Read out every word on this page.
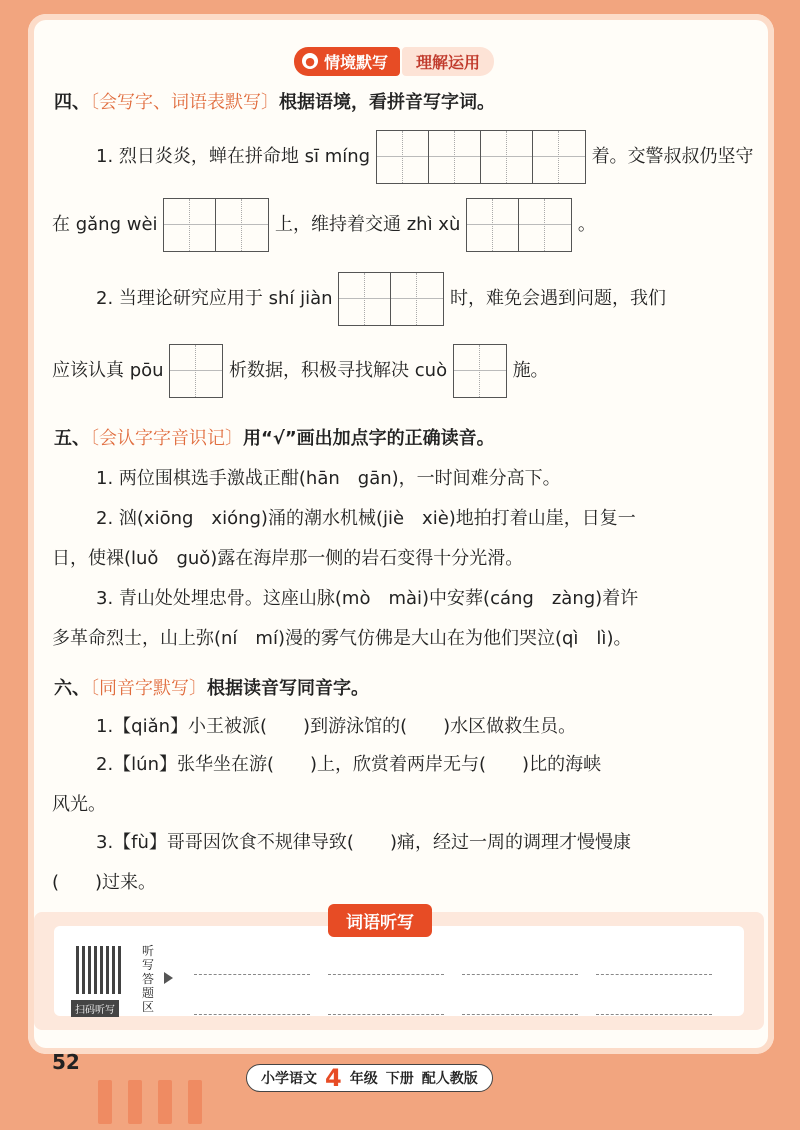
● 情境默写	理解运用
四、〔会写字、词语表默写〕根据语境，看拼音写字词。
1. 烈日炎炎，蝉在拼命地 sī míng	着。交警叔叔仍坚守
在 gǎng wèi	上，维持着交通 zhì xù	。
2. 当理论研究应用于 shí jiàn	时，难免会遇到问题，我们
应该认真 pōu	析数据，积极寻找解决 cuò	施。
五、〔会认字字音识记〕用“√”画出加点字的正确读音。
1. 两位围棋选手激战正酣(hān　gān)，一时间难分高下。
2. 汹(xiōng　xióng)涌的潮水机械(jiè　xiè)地拍打着山崖，日复一
日，使裸(luǒ　guǒ)露在海岸那一侧的岩石变得十分光滑。
3. 青山处处埋忠骨。这座山脉(mò　mài)中安葬(cáng　zàng)着许
多革命烈士，山上弥(ní　mí)漫的雾气仿佛是大山在为他们哭泣(qì　lì)。
六、〔同音字默写〕根据读音写同音字。
1.【qiǎn】小王被派(　　)到游泳馆的(　　)水区做救生员。
2.【lún】张华坐在游(　　)上，欣赏着两岸无与(　　)比的海峡
风光。
3.【fù】哥哥因饮食不规律导致(　　)痛，经过一周的调理才慢慢康
(　　)过来。
词语听写
扫码听写
听写答题区
52
小学语文 4 年级 下册 配人教版
